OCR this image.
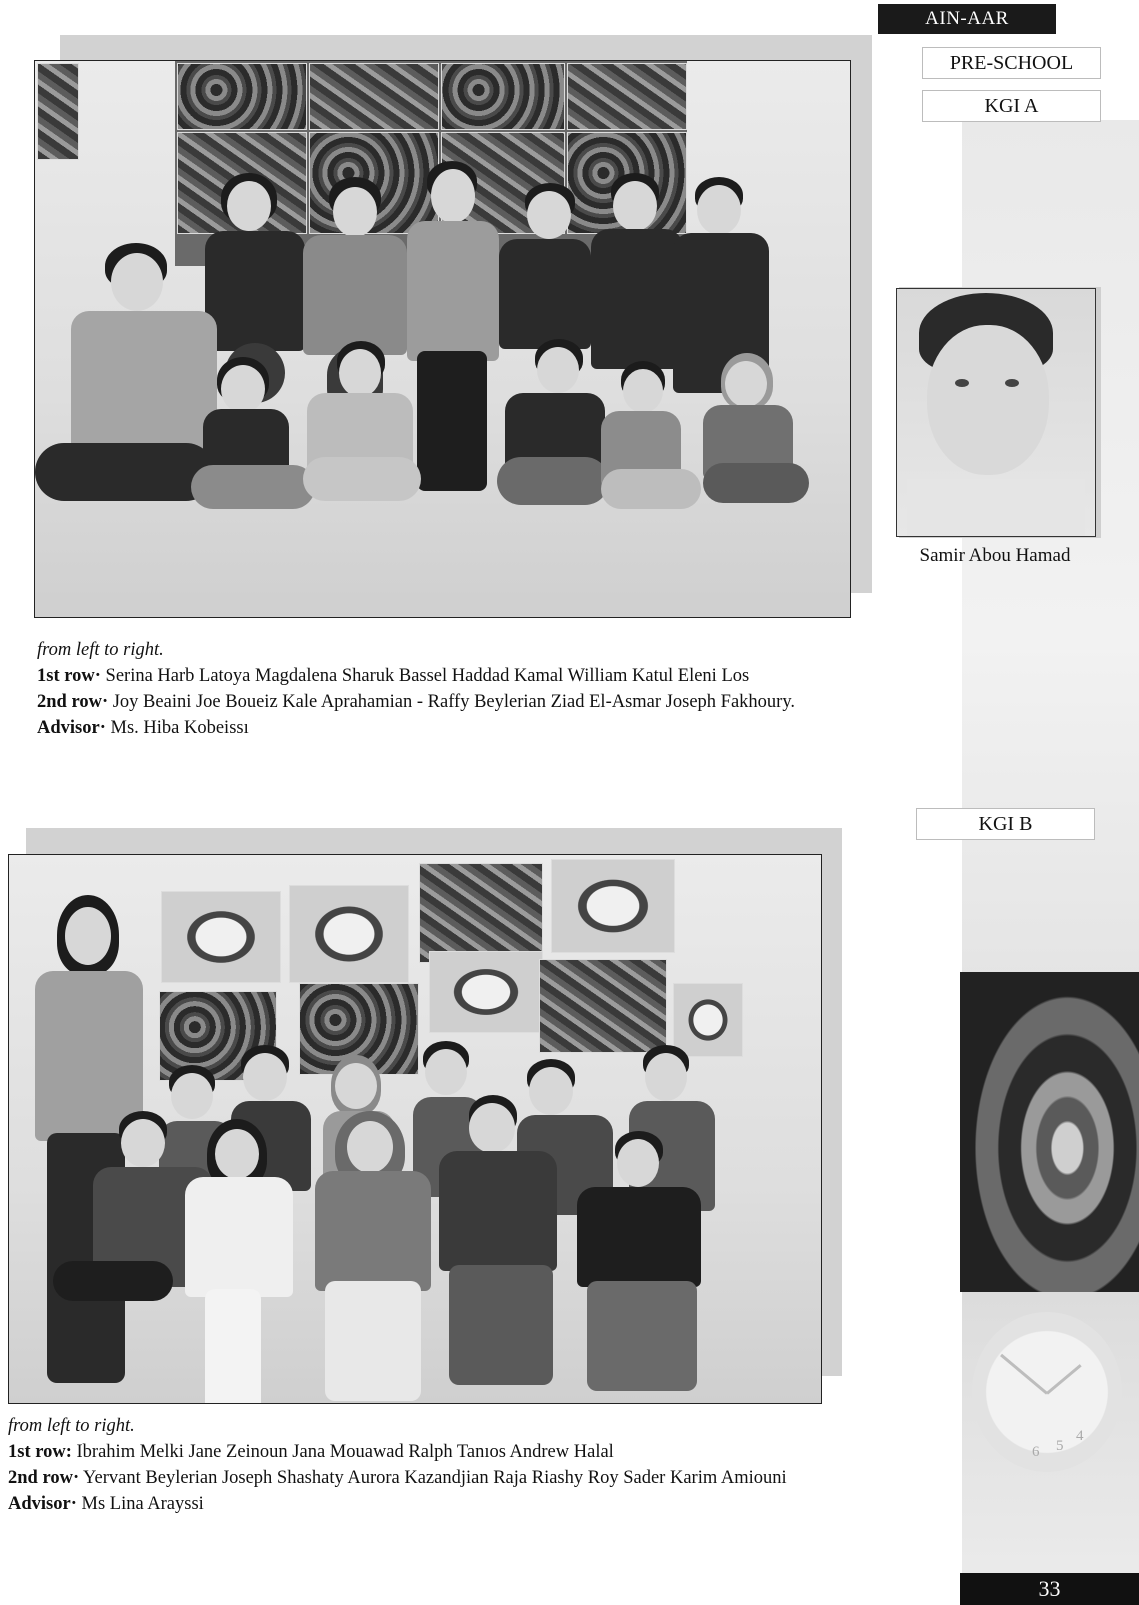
AIN-AAR
PRE-SCHOOL
KGI A
Samir Abou Hamad
from left to right.
1st row· Serina Harb Latoya Magdalena Sharuk Bassel Haddad Kamal William Katul Eleni Los
2nd row· Joy Beaini Joe Boueiz Kale Aprahamian - Raffy Beylerian Ziad El-Asmar Joseph Fakhoury.
Advisor· Ms. Hiba Kobeissı
KGI B
from left to right.
1st row: Ibrahim Melki Jane Zeinoun Jana Mouawad Ralph Tanıos Andrew Halal
2nd row· Yervant Beylerian Joseph Shashaty Aurora Kazandjian Raja Riashy Roy Sader Karim Amiouni
Advisor· Ms Lina Arayssi
6 5
4
33
